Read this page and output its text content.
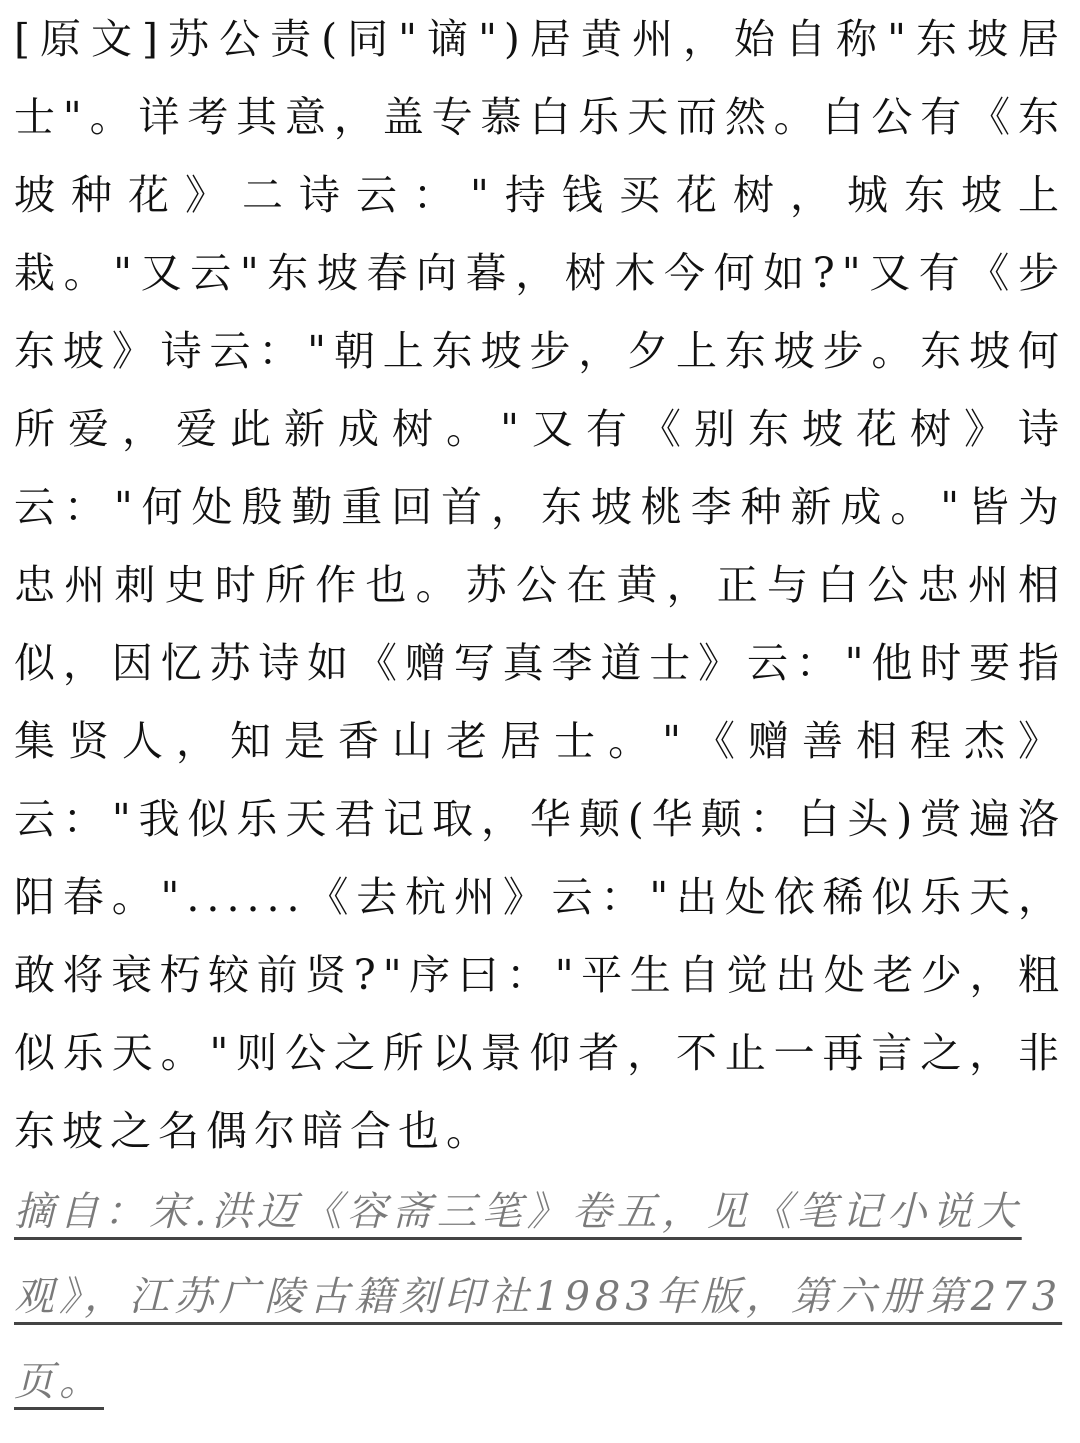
[原文]苏公责(同"谪")居黄州，始自称"东坡居士"。详考其意，盖专慕白乐天而然。白公有《东坡种花》二诗云："持钱买花树，城东坡上栽。"又云"东坡春向暮，树木今何如?"又有《步东坡》诗云："朝上东坡步，夕上东坡步。东坡何所爱，爱此新成树。"又有《别东坡花树》诗云："何处殷勤重回首，东坡桃李种新成。"皆为忠州刺史时所作也。苏公在黄，正与白公忠州相似，因忆苏诗如《赠写真李道士》云："他时要指集贤人，知是香山老居士。"《赠善相程杰》云："我似乐天君记取，华颠(华颠：白头)赏遍洛阳春。"......《去杭州》云："出处依稀似乐天，敢将衰朽较前贤?"序曰："平生自觉出处老少，粗似乐天。"则公之所以景仰者，不止一再言之，非东坡之名偶尔暗合也。

摘自：宋.洪迈《容斋三笔》卷五，见《笔记小说大观》，江苏广陵古籍刻印社1983年版，第六册第273页。
